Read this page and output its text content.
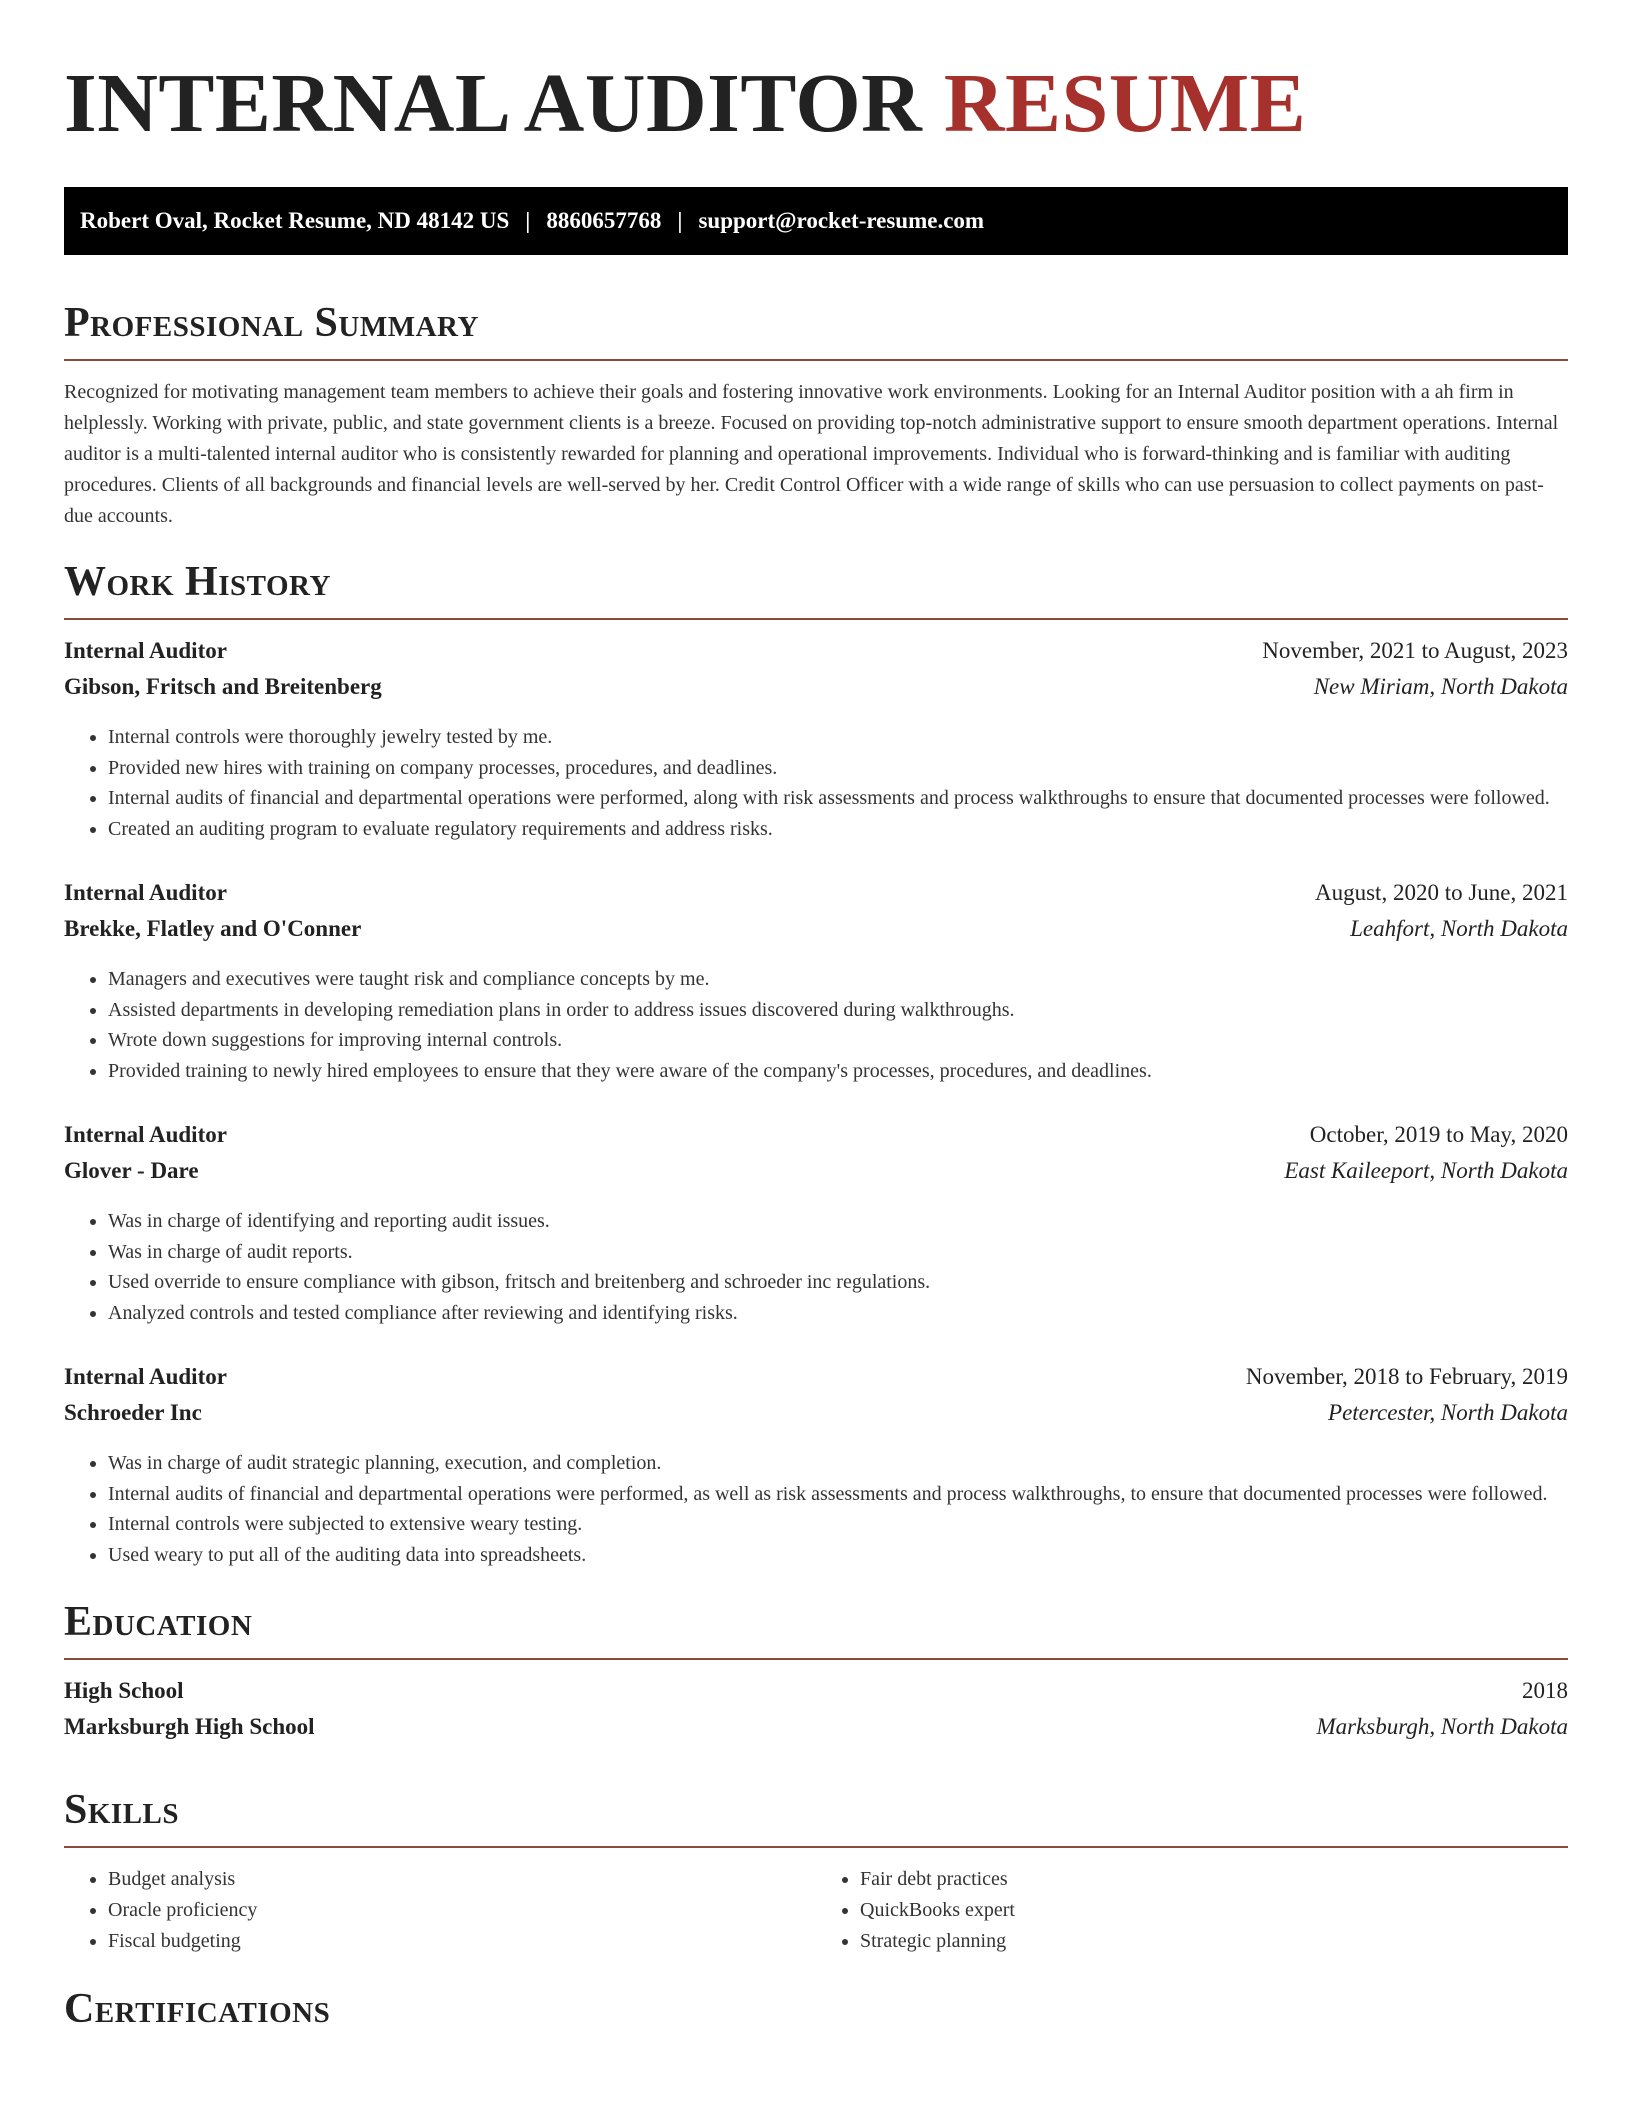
INTERNAL AUDITOR RESUME
Robert Oval, Rocket Resume, ND 48142 US | 8860657768 | support@rocket-resume.com
Professional Summary

Recognized for motivating management team members to achieve their goals and fostering innovative work environments. Looking for an Internal Auditor position with a ah firm in helplessly. Working with private, public, and state government clients is a breeze. Focused on providing top-notch administrative support to ensure smooth department operations. Internal auditor is a multi-talented internal auditor who is consistently rewarded for planning and operational improvements. Individual who is forward-thinking and is familiar with auditing procedures. Clients of all backgrounds and financial levels are well-served by her. Credit Control Officer with a wide range of skills who can use persuasion to collect payments on past-due accounts.

Work History
Internal Auditor	November, 2021 to August, 2023
Gibson, Fritsch and Breitenberg	New Miriam, North Dakota
• Internal controls were thoroughly jewelry tested by me.
• Provided new hires with training on company processes, procedures, and deadlines.
• Internal audits of financial and departmental operations were performed, along with risk assessments and process walkthroughs to ensure that documented processes were followed.
• Created an auditing program to evaluate regulatory requirements and address risks.
Internal Auditor	August, 2020 to June, 2021
Brekke, Flatley and O'Conner	Leahfort, North Dakota
• Managers and executives were taught risk and compliance concepts by me.
• Assisted departments in developing remediation plans in order to address issues discovered during walkthroughs.
• Wrote down suggestions for improving internal controls.
• Provided training to newly hired employees to ensure that they were aware of the company's processes, procedures, and deadlines.
Internal Auditor	October, 2019 to May, 2020
Glover - Dare	East Kaileeport, North Dakota
• Was in charge of identifying and reporting audit issues.
• Was in charge of audit reports.
• Used override to ensure compliance with gibson, fritsch and breitenberg and schroeder inc regulations.
• Analyzed controls and tested compliance after reviewing and identifying risks.
Internal Auditor	November, 2018 to February, 2019
Schroeder Inc	Petercester, North Dakota
• Was in charge of audit strategic planning, execution, and completion.
• Internal audits of financial and departmental operations were performed, as well as risk assessments and process walkthroughs, to ensure that documented processes were followed.
• Internal controls were subjected to extensive weary testing.
• Used weary to put all of the auditing data into spreadsheets.
Education
High School	2018
Marksburgh High School	Marksburgh, North Dakota
Skills
• Budget analysis
• Oracle proficiency
• Fiscal budgeting
• Fair debt practices
• QuickBooks expert
• Strategic planning
Certifications
